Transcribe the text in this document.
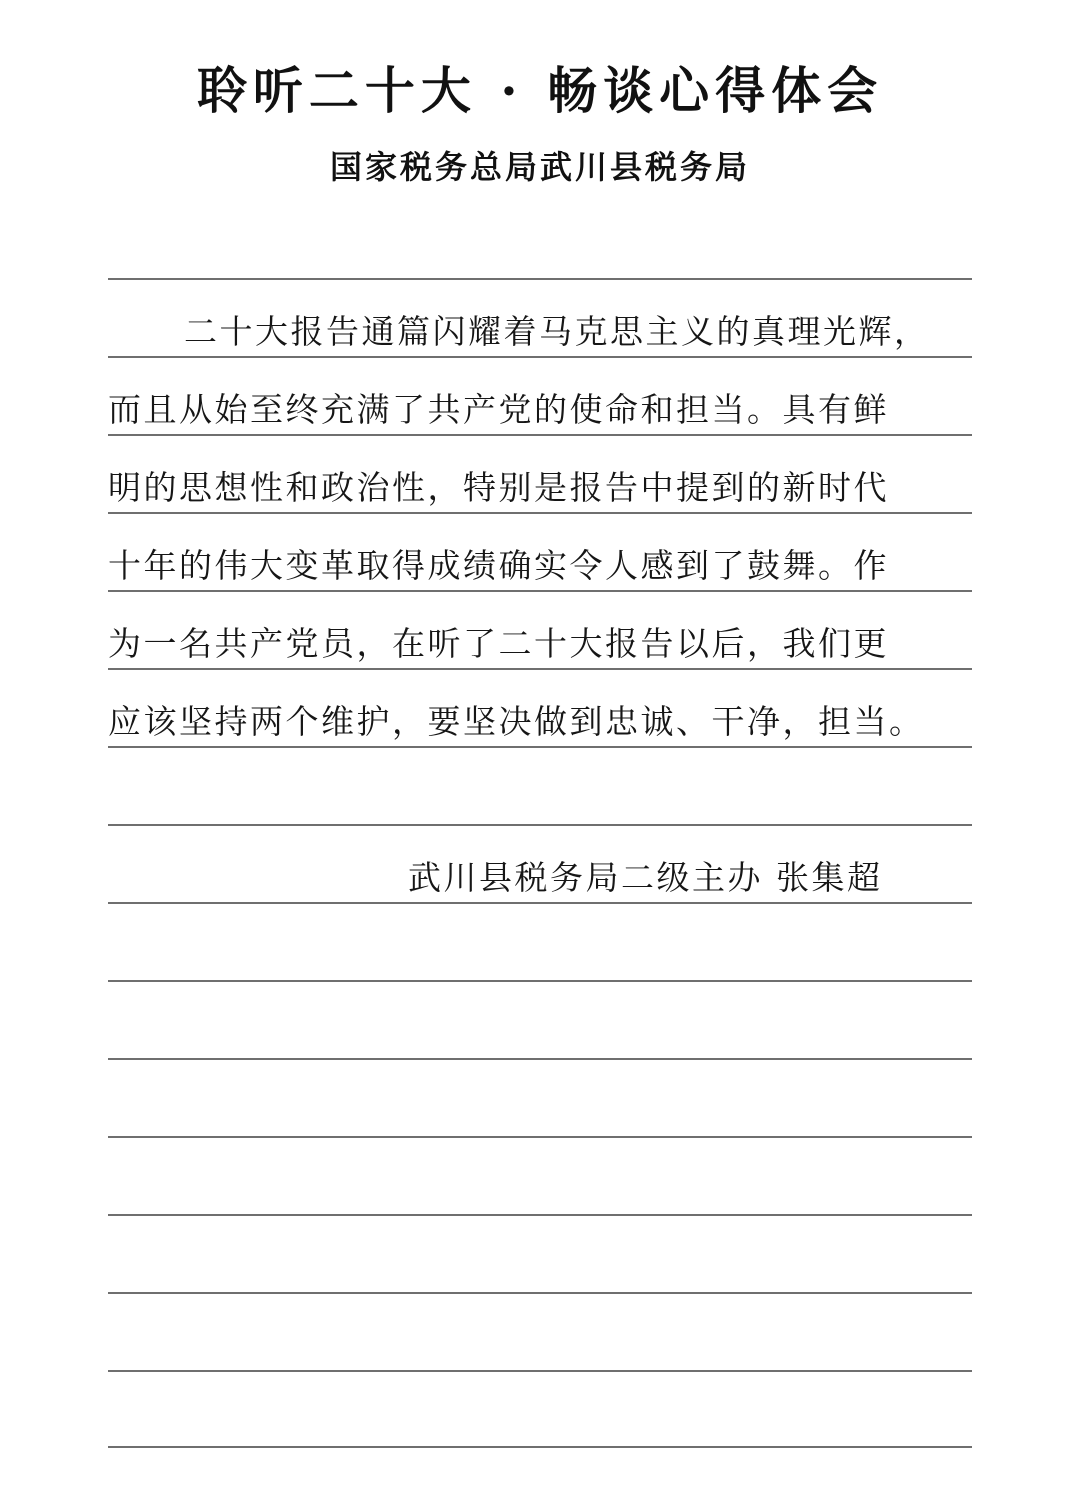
聆听二十大 · 畅谈心得体会
国家税务总局武川县税务局
二十大报告通篇闪耀着马克思主义的真理光辉，
而且从始至终充满了共产党的使命和担当。具有鲜
明的思想性和政治性，特别是报告中提到的新时代
十年的伟大变革取得成绩确实令人感到了鼓舞。作
为一名共产党员，在听了二十大报告以后，我们更
应该坚持两个维护，要坚决做到忠诚、干净，担当。
武川县税务局二级主办 张集超
